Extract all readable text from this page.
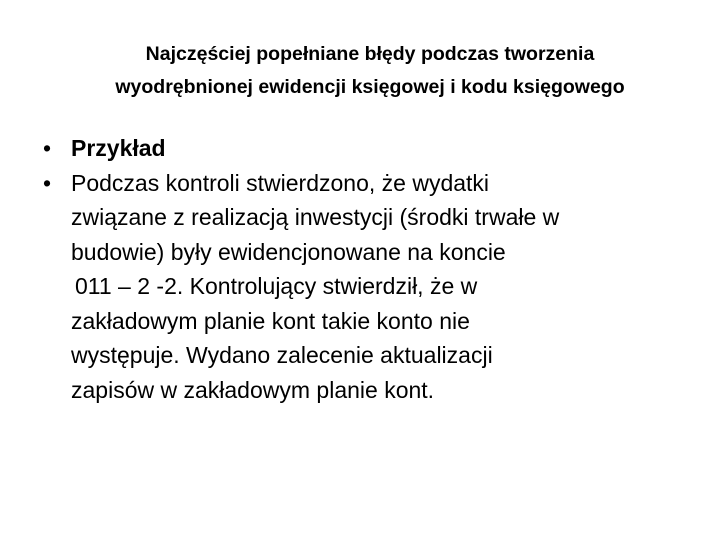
Najczęściej popełniane błędy podczas tworzenia
wyodrębnionej ewidencji księgowej i kodu księgowego
• Przykład
• Podczas kontroli stwierdzono, że wydatki
związane z realizacją inwestycji (środki trwałe w
budowie) były ewidencjonowane na koncie
011 – 2 -2. Kontrolujący stwierdził, że w
zakładowym planie kont takie konto nie
występuje. Wydano zalecenie aktualizacji
zapisów w zakładowym planie kont.
